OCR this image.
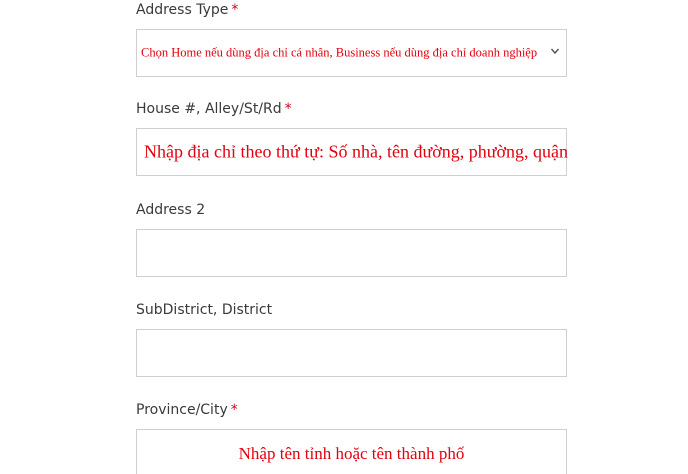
Address Type *
Chọn Home nếu dùng địa chỉ cá nhân, Business nếu dùng địa chỉ doanh nghiệp
House #, Alley/St/Rd *
Nhập địa chỉ theo thứ tự: Số nhà, tên đường, phường, quận
Address 2
SubDistrict, District
Province/City *
Nhập tên tỉnh hoặc tên thành phố
